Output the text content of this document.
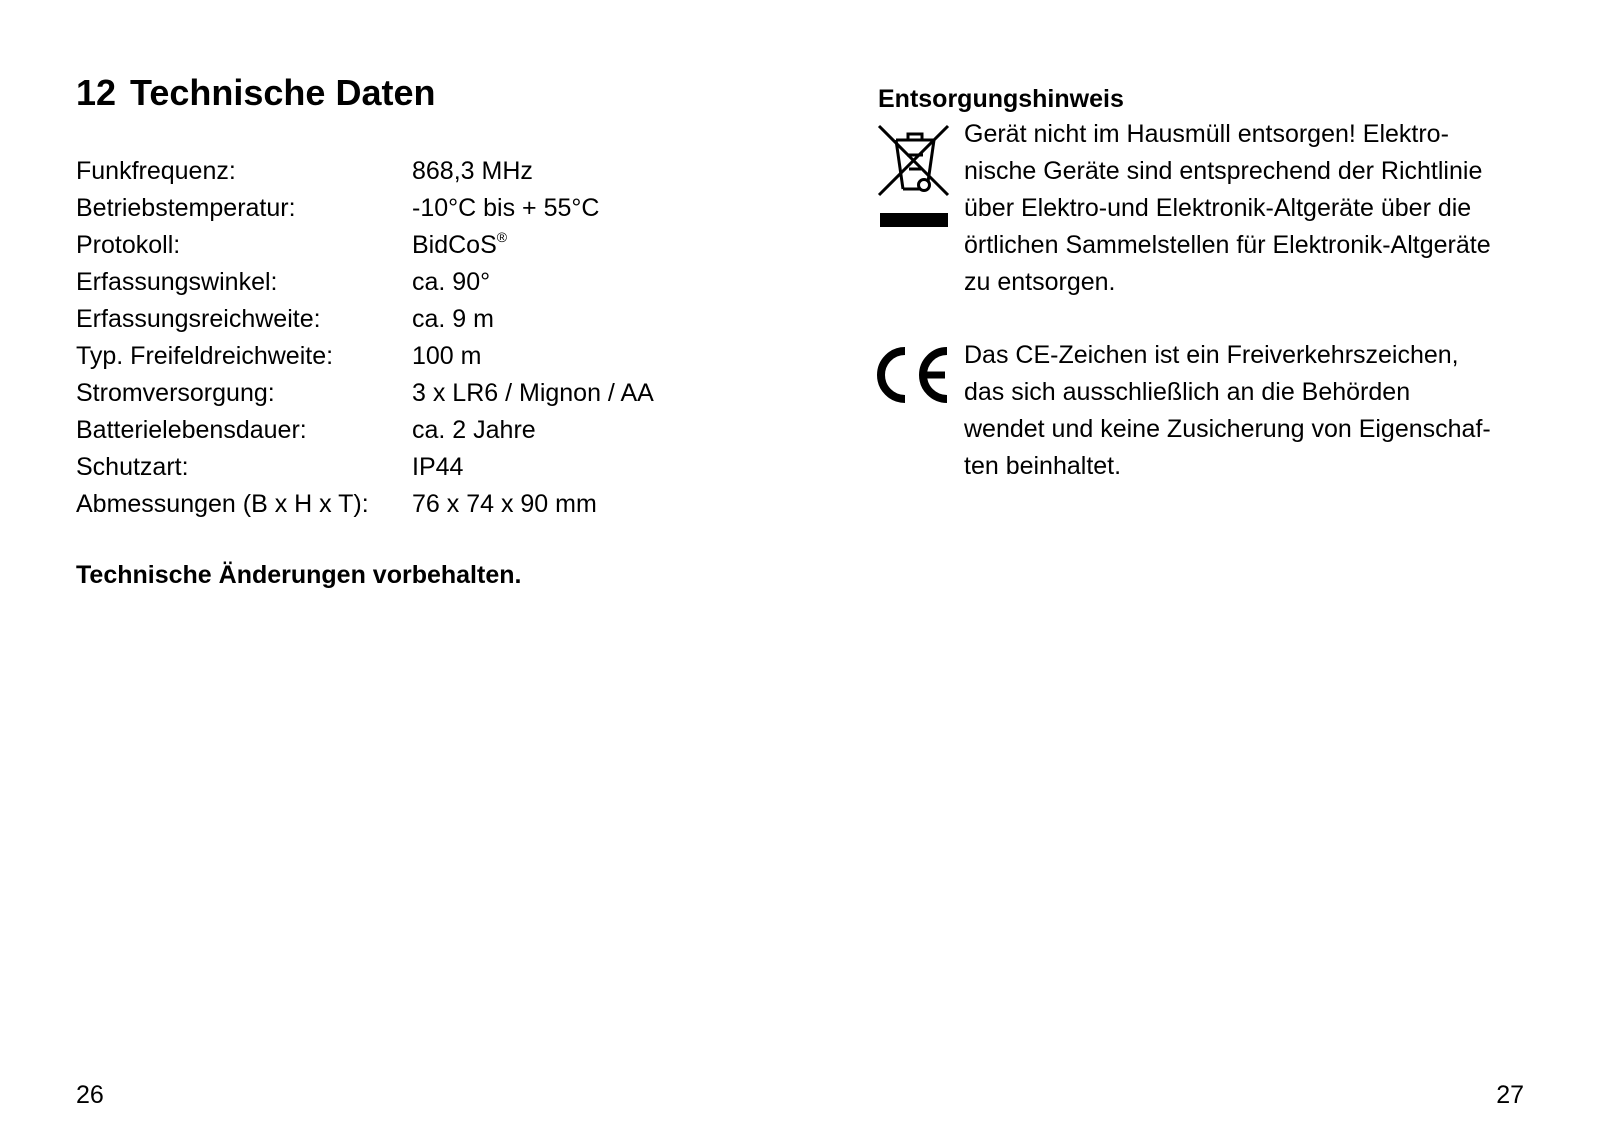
12 Technische Daten
Funkfrequenz:	868,3 MHz
Betriebstemperatur:	-10°C bis + 55°C
Protokoll:	BidCoS®
Erfassungswinkel:	ca. 90°
Erfassungsreichweite:	ca. 9 m
Typ. Freifeldreichweite:	100 m
Stromversorgung:	3 x LR6 / Mignon / AA
Batterielebensdauer:	ca. 2 Jahre
Schutzart:	IP44
Abmessungen (B x H x T):	76 x 74 x 90 mm
Technische Änderungen vorbehalten.
26
Entsorgungshinweis
Gerät nicht im Hausmüll entsorgen! Elektro-
nische Geräte sind entsprechend der Richtlinie
über Elektro-und Elektronik-Altgeräte über die
örtlichen Sammelstellen für Elektronik-Altgeräte
zu entsorgen.
Das CE-Zeichen ist ein Freiverkehrszeichen,
das sich ausschließlich an die Behörden
wendet und keine Zusicherung von Eigenschaf-
ten beinhaltet.
27
